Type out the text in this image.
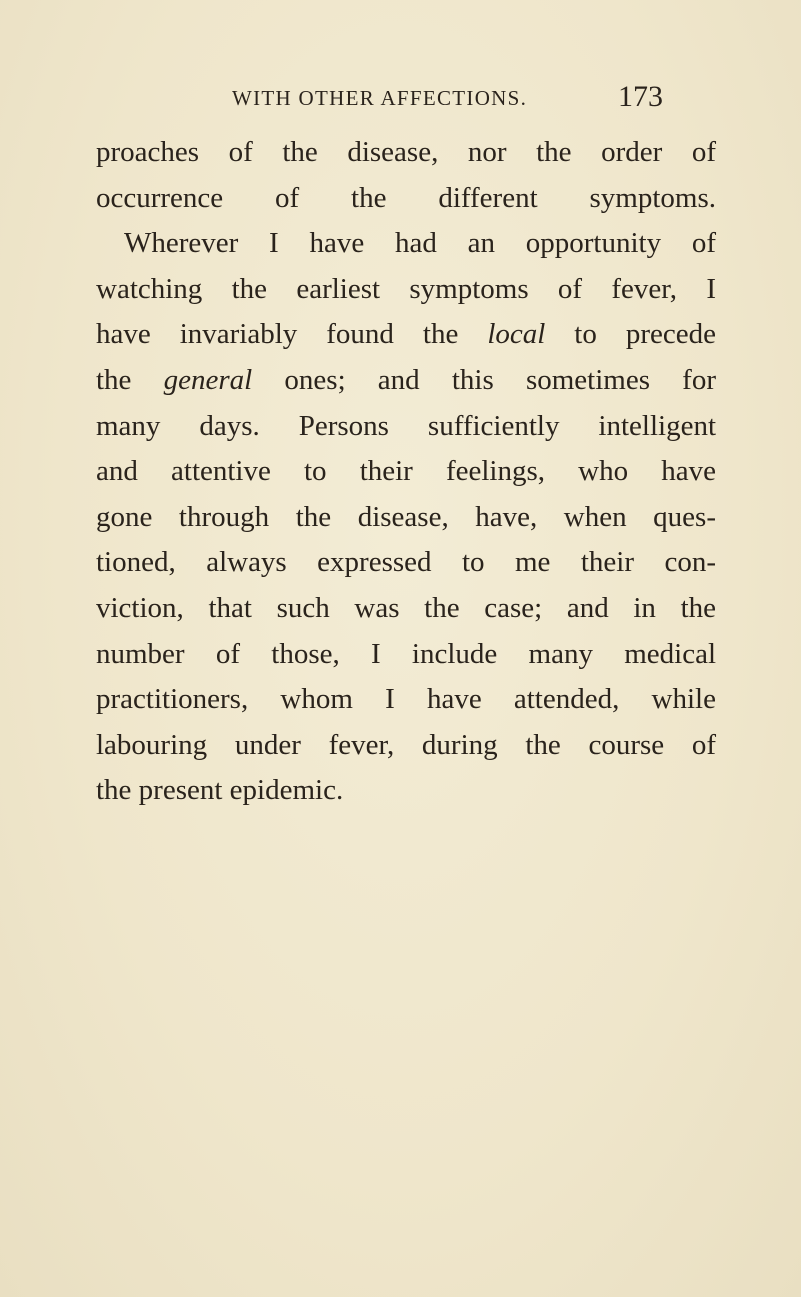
WITH OTHER AFFECTIONS.	173
proaches of the disease, nor the order of
occurrence of the different symptoms.
Wherever I have had an opportunity of
watching the earliest symptoms of fever, I
have invariably found the local to precede
the general ones; and this sometimes for
many days. Persons sufficiently intelligent
and attentive to their feelings, who have
gone through the disease, have, when ques-
tioned, always expressed to me their con-
viction, that such was the case; and in the
number of those, I include many medical
practitioners, whom I have attended, while
labouring under fever, during the course of
the present epidemic.
